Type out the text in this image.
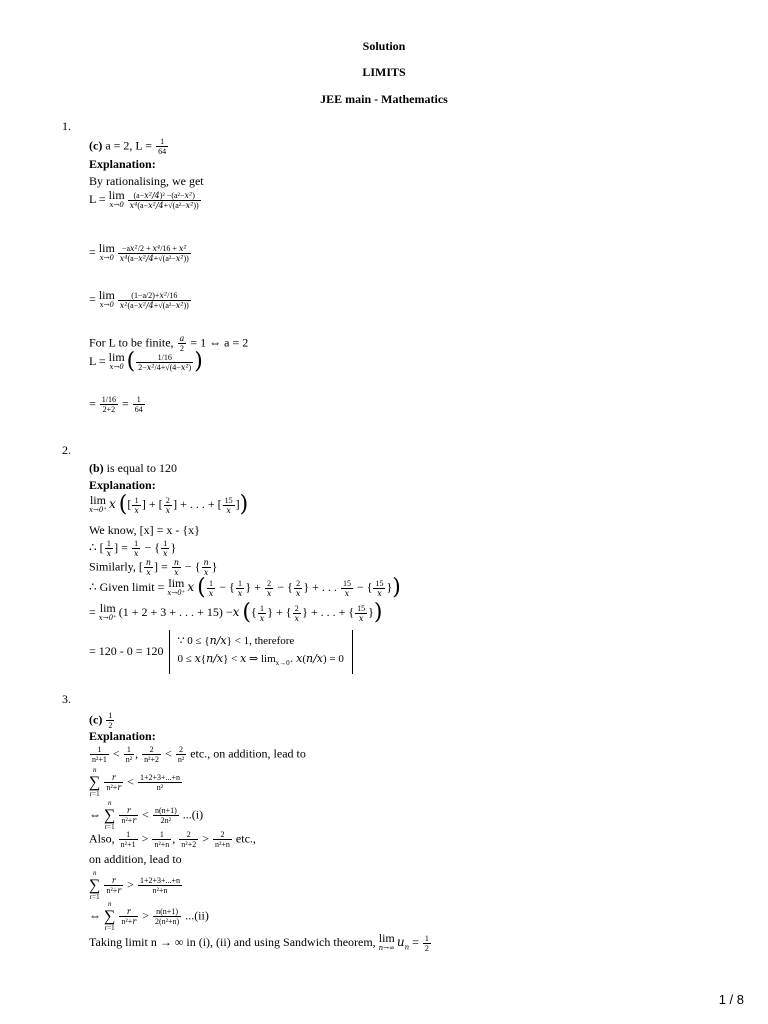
Solution
LIMITS
JEE main - Mathematics
1.
(c) a = 2, $L = \frac{1}{64}$
Explanation:
By rationalising, we get
L = lim
$x\to 0 \frac{\text{(a−x²/4)² −(a²−x²)}}{\text{x⁴(a−x²/4+√(a²−x²))}}$
= lim
$x\to 0 \frac{\text{−ax²/2 + x⁴/16 + x²}}{\text{x⁴(a−x²/4+√(a²−x²))}}$
= lim
$x\to 0 \frac{\text{(1−a/2)+x²/16}}{\text{x²(a−x²/4+√(a²−x²))}}$
For L to be finite, $\frac{a}{2} = 1$ ⇔ a = 2
L = lim
x→0 ( $\frac{1/16}{\text{2−x²/4+√(4−x²)}}$ )
= $\frac{1/16}{2+2} = \frac{1}{64}$
2.
(b) is equal to 120
Explanation:
lim
x→0⁺ x ([ $\frac{1}{x}$ ] + [ $\frac{2}{x}$ ] + . . . + [ $\frac{15}{x}$ ])
We know, [x] = x - {x}
∴ [ $\frac{1}{x}$ ] = $\frac{1}{x}$ − { $\frac{1}{x}$ }
Similarly, [ $\frac{n}{x}$ ] = $\frac{n}{x}$ − { $\frac{n}{x}$ }
∴ Given limit = lim
x→0⁺ x ( $\frac{1}{x}$ − { $\frac{1}{x}$ } + $\frac{2}{x}$ − { $\frac{2}{x}$ } + . . . $\frac{15}{x}$ − { $\frac{15}{x}$ })
= lim
x→0⁺ (1 + 2 + 3 + . . . + 15) −x ({ $\frac{1}{x}$ } + { $\frac{2}{x}$ } + . . . + { $\frac{15}{x}$ })
= 120 - 0 = 120 ∵ 0 ≤ {n/x} < 1, therefore
0 ≤ x{n/x} < x ⇒ $\lim_{x\to 0^+} x(n/x) = 0$
3.
$(c) \frac{1}{2}$
Explanation:
$\frac{1}{\text{n²+1}} < \frac{1}{\text{n²}}$ , $\frac{2}{\text{n²+2}} < \frac{2}{\text{n²}}$ etc., on addition, lead to
n
∑
r=1

$\frac{r}{\text{n²+r}} < \frac{1+2+3+...+n}{\text{n²}}$
⇔
n
∑
r=1

$\frac{r}{\text{n²+r}} < \frac{n(n+1)}{\text{2n²}} ...(i)$
Also, $\frac{1}{\text{n²+1}} > \frac{1}{\text{n²+n}}$ , $\frac{2}{\text{n²+2}} > \frac{2}{\text{n²+n}}$ etc.,
on addition, lead to
n
∑
r=1

$\frac{r}{\text{n²+r}} > \frac{1+2+3+...+n}{\text{n²+n}}$
⇔
n
∑
r=1

$\frac{r}{\text{n²+r}} > \frac{n(n+1)}{\text{2(n²+n)}} ...(ii)$
Taking limit n → ∞ in (i), (ii) and using Sandwich theorem, lim
n→∞ $u_n = \frac{1}{2}$
1 / 8
